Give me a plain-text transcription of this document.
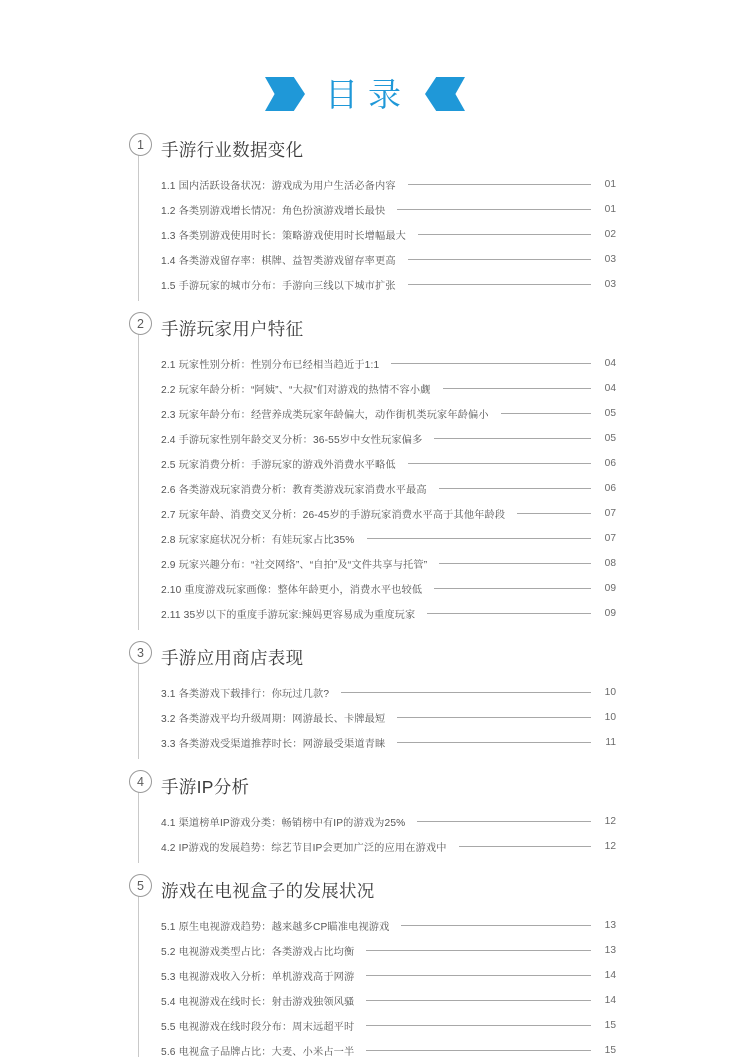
目录
1 手游行业数据变化
1.1 国内活跃设备状况：游戏成为用户生活必备内容	01
1.2 各类别游戏增长情况：角色扮演游戏增长最快	01
1.3 各类别游戏使用时长：策略游戏使用时长增幅最大	02
1.4 各类游戏留存率：棋牌、益智类游戏留存率更高	03
1.5 手游玩家的城市分布：手游向三线以下城市扩张	03
2 手游玩家用户特征
2.1 玩家性别分析：性别分布已经相当趋近于1:1	04
2.2 玩家年龄分析：“阿姨”、“大叔”们对游戏的热情不容小觑	04
2.3 玩家年龄分布：经营养成类玩家年龄偏大，动作街机类玩家年龄偏小	05
2.4 手游玩家性别年龄交叉分析：36-55岁中女性玩家偏多	05
2.5 玩家消费分析：手游玩家的游戏外消费水平略低	06
2.6 各类游戏玩家消费分析：教育类游戏玩家消费水平最高	06
2.7 玩家年龄、消费交叉分析：26-45岁的手游玩家消费水平高于其他年龄段	07
2.8 玩家家庭状况分析：有娃玩家占比35%	07
2.9 玩家兴趣分布：“社交网络”、“自拍”及“文件共享与托管”	08
2.10 重度游戏玩家画像：整体年龄更小，消费水平也较低	09
2.11 35岁以下的重度手游玩家:辣妈更容易成为重度玩家	09
3 手游应用商店表现
3.1 各类游戏下载排行：你玩过几款?	10
3.2 各类游戏平均升级周期：网游最长、卡牌最短	10
3.3 各类游戏受渠道推荐时长：网游最受渠道青睐	11
4 手游IP分析
4.1 渠道榜单IP游戏分类：畅销榜中有IP的游戏为25%	12
4.2 IP游戏的发展趋势：综艺节目IP会更加广泛的应用在游戏中	12
5 游戏在电视盒子的发展状况
5.1 原生电视游戏趋势：越来越多CP瞄准电视游戏	13
5.2 电视游戏类型占比：各类游戏占比均衡	13
5.3 电视游戏收入分析：单机游戏高于网游	14
5.4 电视游戏在线时长：射击游戏独领风骚	14
5.5 电视游戏在线时段分布：周末远超平时	15
5.6 电视盒子品牌占比：大麦、小米占一半	15
